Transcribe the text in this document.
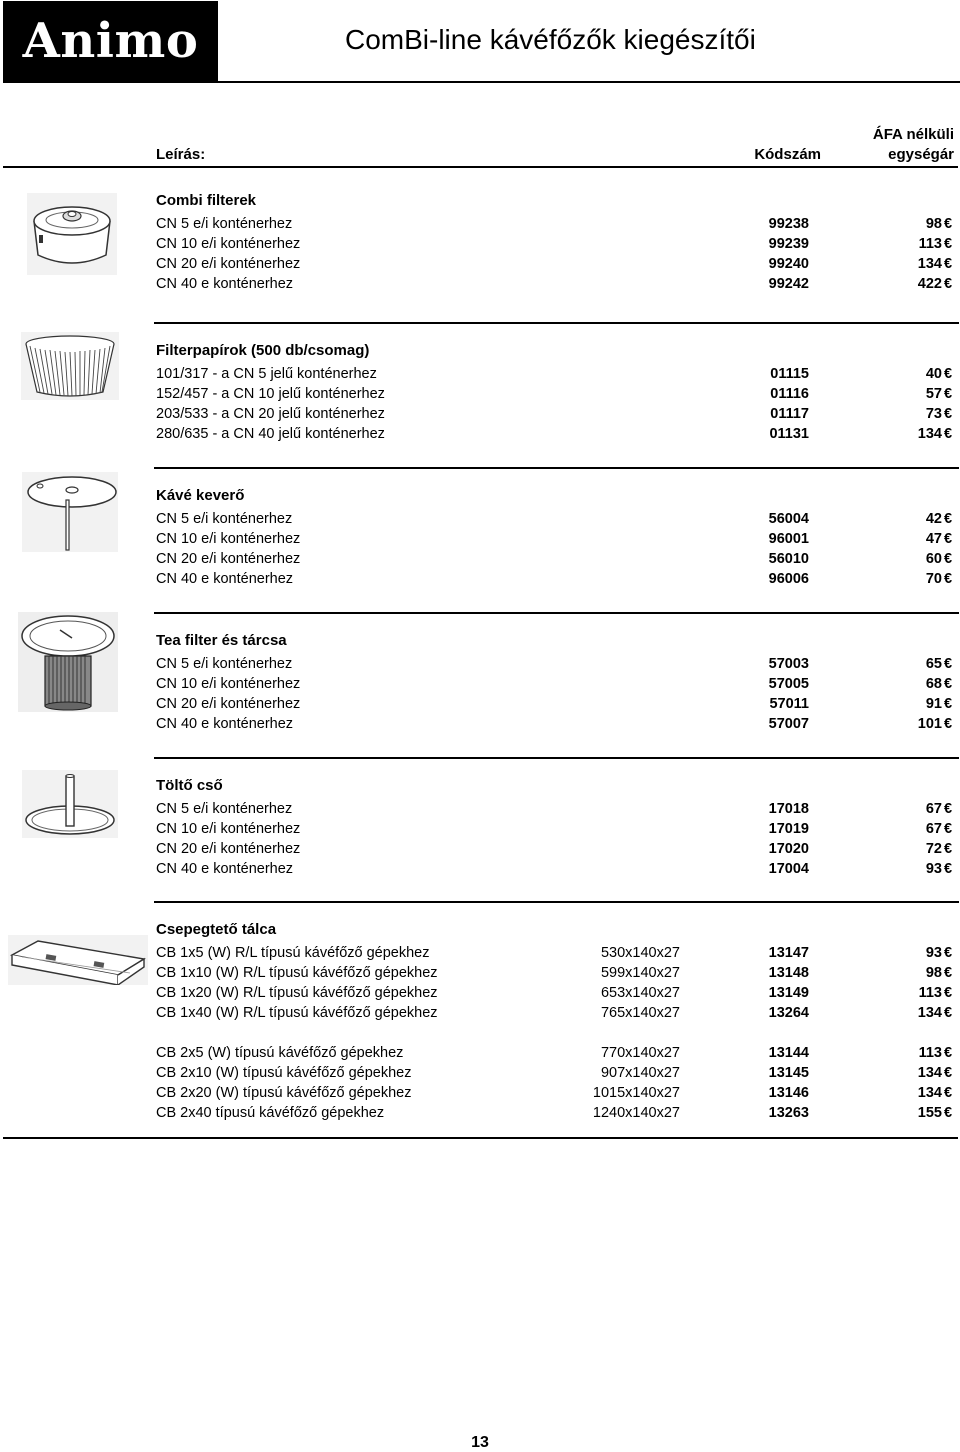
Animo	ComBi-line kávéfőzők kiegészítői
Leírás:	Kódszám
ÁFA nélküli
egységár
Combi filterek
CN 5 e/i konténerhez	99238	98 €
CN 10 e/i konténerhez	99239	113 €
CN 20 e/i konténerhez	99240	134 €
CN 40 e konténerhez	99242	422 €
Filterpapírok (500 db/csomag)
101/317 - a CN 5 jelű konténerhez	01115	40 €
152/457 - a CN 10 jelű konténerhez	01116	57 €
203/533 - a CN 20 jelű konténerhez	01117	73 €
280/635 - a CN 40 jelű konténerhez	01131	134 €
Kávé keverő
CN 5 e/i konténerhez	56004	42 €
CN 10 e/i konténerhez	96001	47 €
CN 20 e/i konténerhez	56010	60 €
CN 40 e konténerhez	96006	70 €
Tea filter és tárcsa
CN 5 e/i konténerhez	57003	65 €
CN 10 e/i konténerhez	57005	68 €
CN 20 e/i konténerhez	57011	91 €
CN 40 e konténerhez	57007	101 €
Töltő cső
CN 5 e/i konténerhez	17018	67 €
CN 10 e/i konténerhez	17019	67 €
CN 20 e/i konténerhez	17020	72 €
CN 40 e konténerhez	17004	93 €
Csepegtető tálca
CB 1x5 (W) R/L típusú kávéfőző gépekhez	530x140x27	13147	93 €
CB 1x10 (W) R/L típusú kávéfőző gépekhez	599x140x27	13148	98 €
CB 1x20 (W) R/L típusú kávéfőző gépekhez	653x140x27	13149	113 €
CB 1x40 (W) R/L típusú kávéfőző gépekhez	765x140x27	13264	134 €
CB 2x5 (W) típusú kávéfőző gépekhez	770x140x27	13144	113 €
CB 2x10 (W) típusú kávéfőző gépekhez	907x140x27	13145	134 €
CB 2x20 (W) típusú kávéfőző gépekhez	1015x140x27	13146	134 €
CB 2x40 típusú kávéfőző gépekhez	1240x140x27	13263	155 €
13
